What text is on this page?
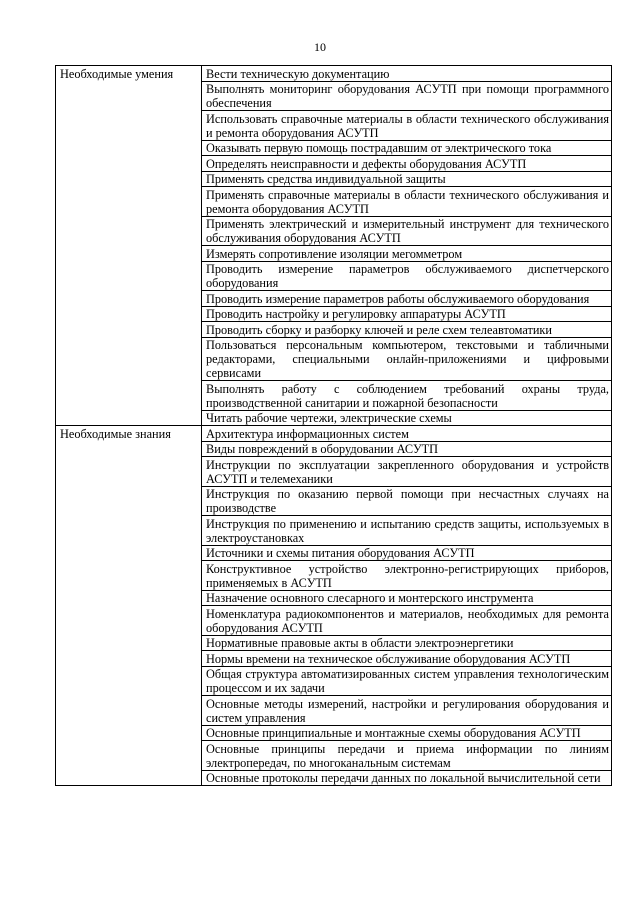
10
Необходимые умения	Вести техническую документацию
	Выполнять мониторинг оборудования АСУТП при помощи программного обеспечения
	Использовать справочные материалы в области технического обслуживания и ремонта оборудования АСУТП
	Оказывать первую помощь пострадавшим от электрического тока
	Определять неисправности и дефекты оборудования АСУТП
	Применять средства индивидуальной защиты
	Применять справочные материалы в области технического обслуживания и ремонта оборудования АСУТП
	Применять электрический и измерительный инструмент для технического обслуживания оборудования АСУТП
	Измерять сопротивление изоляции мегомметром
	Проводить измерение параметров обслуживаемого диспетчерского оборудования
	Проводить измерение параметров работы обслуживаемого оборудования
	Проводить настройку и регулировку аппаратуры АСУТП
	Проводить сборку и разборку ключей и реле схем телеавтоматики
	Пользоваться персональным компьютером, текстовыми и табличными редакторами, специальными онлайн-приложениями и цифровыми сервисами
	Выполнять работу с соблюдением требований охраны труда, производственной санитарии и пожарной безопасности
	Читать рабочие чертежи, электрические схемы
Необходимые знания	Архитектура информационных систем
	Виды повреждений в оборудовании АСУТП
	Инструкции по эксплуатации закрепленного оборудования и устройств АСУТП и телемеханики
	Инструкция по оказанию первой помощи при несчастных случаях на производстве
	Инструкция по применению и испытанию средств защиты, используемых в электроустановках
	Источники и схемы питания оборудования АСУТП
	Конструктивное устройство электронно-регистрирующих приборов, применяемых в АСУТП
	Назначение основного слесарного и монтерского инструмента
	Номенклатура радиокомпонентов и материалов, необходимых для ремонта оборудования АСУТП
	Нормативные правовые акты в области электроэнергетики
	Нормы времени на техническое обслуживание оборудования АСУТП
	Общая структура автоматизированных систем управления технологическим процессом и их задачи
	Основные методы измерений, настройки и регулирования оборудования и систем управления
	Основные принципиальные и монтажные схемы оборудования АСУТП
	Основные принципы передачи и приема информации по линиям электропередач, по многоканальным системам
	Основные протоколы передачи данных по локальной вычислительной сети
